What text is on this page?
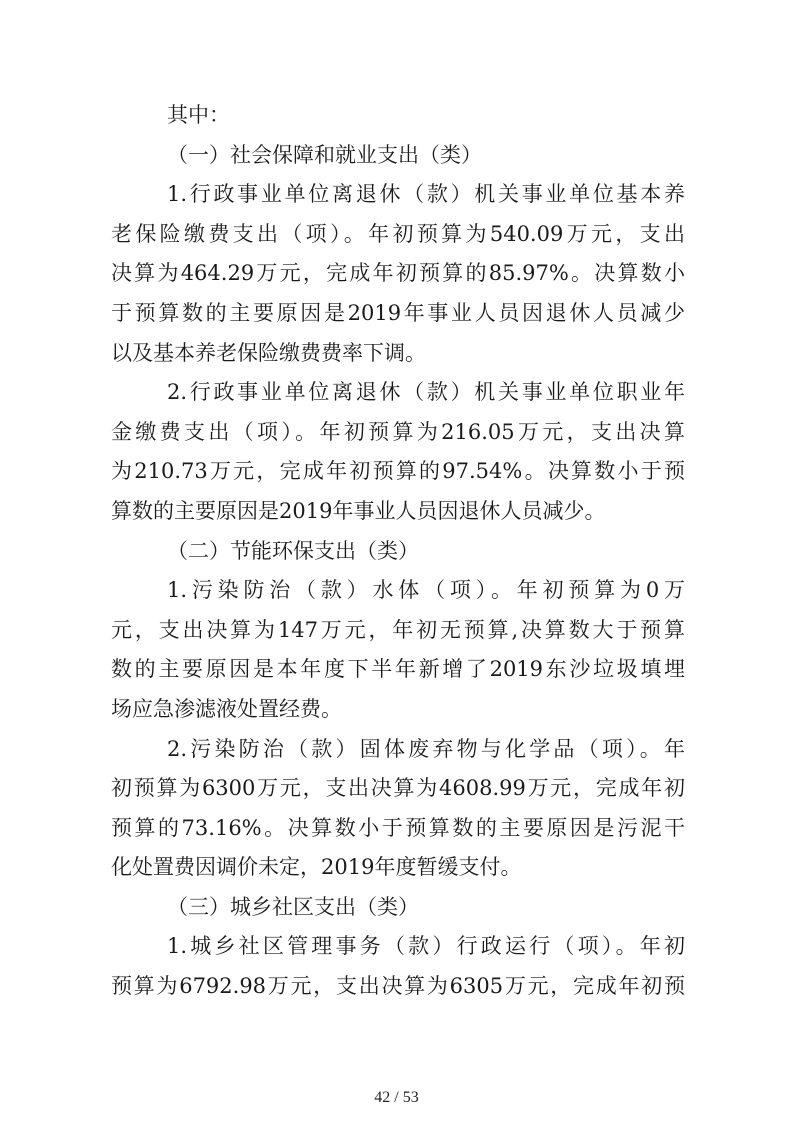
其中：
（一）社会保障和就业支出（类）
1.行政事业单位离退休（款）机关事业单位基本养
老保险缴费支出（项）。年初预算为540.09万元，支出
决算为464.29万元，完成年初预算的85.97%。决算数小
于预算数的主要原因是2019年事业人员因退休人员减少
以及基本养老保险缴费费率下调。
2.行政事业单位离退休（款）机关事业单位职业年
金缴费支出（项）。年初预算为216.05万元，支出决算
为210.73万元，完成年初预算的97.54%。决算数小于预
算数的主要原因是2019年事业人员因退休人员减少。
（二）节能环保支出（类）
1.污染防治（款）水体（项）。年初预算为0万
元，支出决算为147万元，年初无预算,决算数大于预算
数的主要原因是本年度下半年新增了2019东沙垃圾填埋
场应急渗滤液处置经费。
2.污染防治（款）固体废弃物与化学品（项）。年
初预算为6300万元，支出决算为4608.99万元，完成年初
预算的73.16%。决算数小于预算数的主要原因是污泥干
化处置费因调价未定，2019年度暂缓支付。
（三）城乡社区支出（类）
1.城乡社区管理事务（款）行政运行（项）。年初
预算为6792.98万元，支出决算为6305万元，完成年初预
42 / 53
